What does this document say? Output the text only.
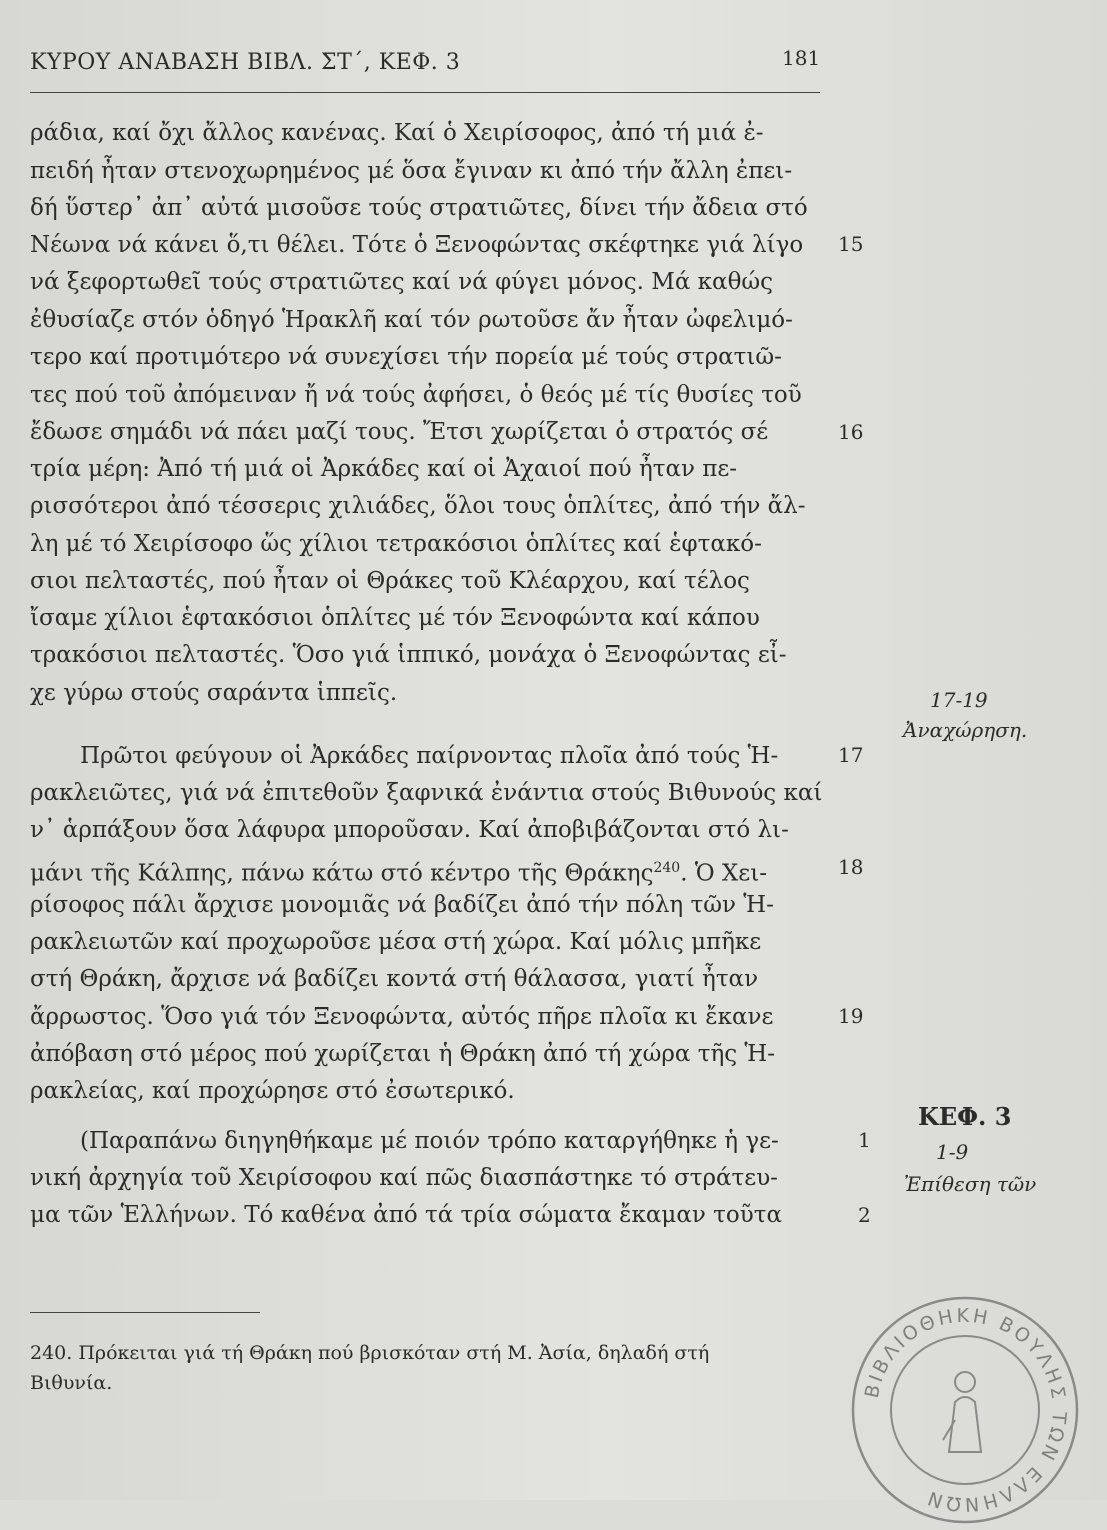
ΚΥΡΟΥ ΑΝΑΒΑΣΗ ΒΙΒΛ. ΣΤ΄, ΚΕΦ. 3	181
ράδια, καί ὄχι ἄλλος κανένας. Καί ὁ Χειρίσοφος, ἀπό τή μιά ἐ-
πειδή ἦταν στενοχωρημένος μέ ὅσα ἔγιναν κι ἀπό τήν ἄλλη ἐπει-
δή ὕστερ᾽ ἀπ᾽ αὐτά μισοῦσε τούς στρατιῶτες, δίνει τήν ἄδεια στό
Νέωνα νά κάνει ὅ,τι θέλει. Τότε ὁ Ξενοφώντας σκέφτηκε γιά λίγο
νά ξεφορτωθεῖ τούς στρατιῶτες καί νά φύγει μόνος. Μά καθώς
ἐθυσίαζε στόν ὁδηγό Ἡρακλῆ καί τόν ρωτοῦσε ἄν ἦταν ὠφελιμό-
τερο καί προτιμότερο νά συνεχίσει τήν πορεία μέ τούς στρατιῶ-
τες πού τοῦ ἀπόμειναν ἤ νά τούς ἀφήσει, ὁ θεός μέ τίς θυσίες τοῦ
ἔδωσε σημάδι νά πάει μαζί τους. Ἔτσι χωρίζεται ὁ στρατός σέ
τρία μέρη: Ἀπό τή μιά οἱ Ἀρκάδες καί οἱ Ἀχαιοί πού ἦταν πε-
ρισσότεροι ἀπό τέσσερις χιλιάδες, ὅλοι τους ὁπλίτες, ἀπό τήν ἄλ-
λη μέ τό Χειρίσοφο ὥς χίλιοι τετρακόσιοι ὁπλίτες καί ἑφτακό-
σιοι πελταστές, πού ἦταν οἱ Θράκες τοῦ Κλέαρχου, καί τέλος
ἴσαμε χίλιοι ἑφτακόσιοι ὁπλίτες μέ τόν Ξενοφώντα καί κάπου
τρακόσιοι πελταστές. Ὅσο γιά ἱππικό, μονάχα ὁ Ξενοφώντας εἶ-
χε γύρω στούς σαράντα ἱππεῖς.
Πρῶτοι φεύγουν οἱ Ἀρκάδες παίρνοντας πλοῖα ἀπό τούς Ἡ-
ρακλειῶτες, γιά νά ἐπιτεθοῦν ξαφνικά ἐνάντια στούς Βιθυνούς καί
ν᾽ ἁρπάξουν ὅσα λάφυρα μποροῦσαν. Καί ἀποβιβάζονται στό λι-
μάνι τῆς Κάλπης, πάνω κάτω στό κέντρο τῆς Θράκης$^{240}$. Ὁ Χει-
ρίσοφος πάλι ἄρχισε μονομιᾶς νά βαδίζει ἀπό τήν πόλη τῶν Ἡ-
ρακλειωτῶν καί προχωροῦσε μέσα στή χώρα. Καί μόλις μπῆκε
στή Θράκη, ἄρχισε νά βαδίζει κοντά στή θάλασσα, γιατί ἦταν
ἄρρωστος. Ὅσο γιά τόν Ξενοφώντα, αὐτός πῆρε πλοῖα κι ἔκανε
ἀπόβαση στό μέρος πού χωρίζεται ἡ Θράκη ἀπό τή χώρα τῆς Ἡ-
ρακλείας, καί προχώρησε στό ἐσωτερικό.
(Παραπάνω διηγηθήκαμε μέ ποιόν τρόπο καταργήθηκε ἡ γε-
νική ἀρχηγία τοῦ Χειρίσοφου καί πῶς διασπάστηκε τό στράτευ-
μα τῶν Ἑλλήνων. Τό καθένα ἀπό τά τρία σώματα ἔκαμαν τοῦτα
15
16
17
18
19
1
2
17-19
Ἀναχώρηση.
ΚΕΦ. 3
1-9
Ἐπίθεση τῶν
240. Πρόκειται γιά τή Θράκη πού βρισκόταν στή Μ. Ἀσία, δηλαδή στή
Βιθυνία.	ΒΙΒΛΙΟΘΗΚΗ ΒΟΥΛΗΣ ΤΩΝ ΕΛΛΗΝΩΝ
